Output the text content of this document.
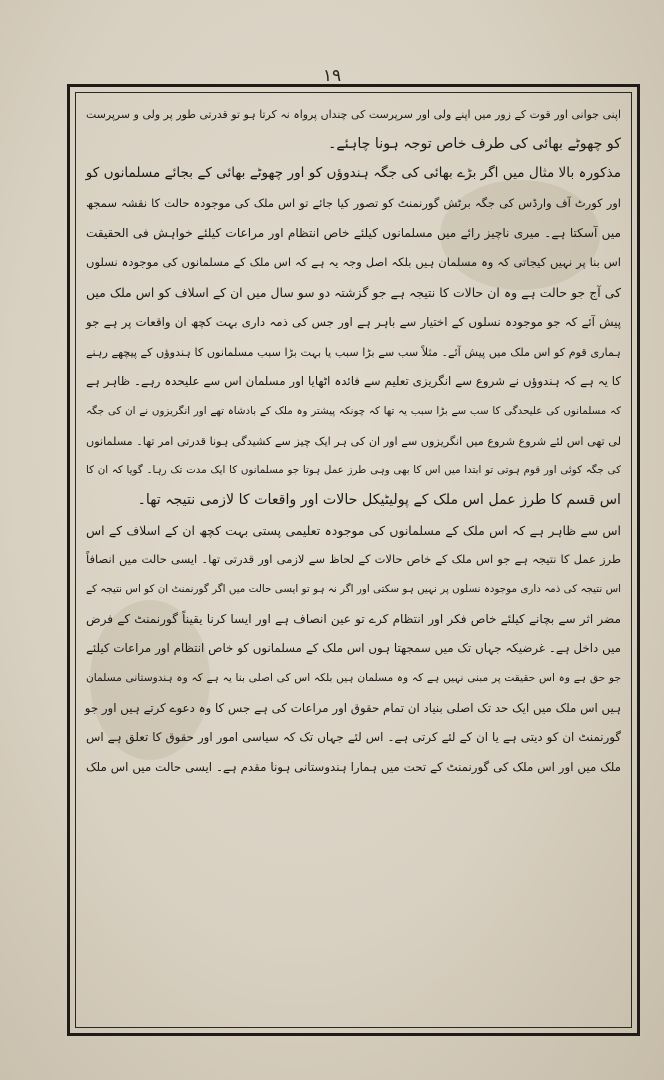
۱۹
اپنی جوانی اور قوت کے زور میں اپنے ولی اور سرپرست کی چنداں پرواہ نہ کرتا ہو تو قدرتی طور پر ولی و سرپرست
کو چھوٹے بھائی کی طرف خاص توجہ ہونا چاہئے۔
مذکورہ بالا مثال میں اگر بڑے بھائی کی جگہ ہندوؤں کو اور چھوٹے بھائی کے بجائے مسلمانوں کو
اور کورٹ آف وارڈس کی جگہ برٹش گورنمنٹ کو تصور کیا جائے تو اس ملک کی موجودہ حالت کا نقشہ سمجھ
میں آسکتا ہے۔ میری ناچیز رائے میں مسلمانوں کیلئے خاص انتظام اور مراعات کیلئے خواہش فی الحقیقت
اس بنا پر نہیں کیجاتی کہ وہ مسلمان ہیں بلکہ اصل وجہ یہ ہے کہ اس ملک کے مسلمانوں کی موجودہ نسلوں
کی آج جو حالت ہے وہ ان حالات کا نتیجہ ہے جو گزشتہ دو سو سال میں ان کے اسلاف کو اس ملک میں
پیش آئے کہ جو موجودہ نسلوں کے اختیار سے باہر ہے اور جس کی ذمہ داری بہت کچھ ان واقعات پر ہے جو
ہماری قوم کو اس ملک میں پیش آئے۔ مثلاً سب سے بڑا سبب یا بہت بڑا سبب مسلمانوں کا ہندوؤں کے پیچھے رہنے
کا یہ ہے کہ ہندوؤں نے شروع سے انگریزی تعلیم سے فائدہ اٹھایا اور مسلمان اس سے علیحدہ رہے۔ ظاہر ہے
کہ مسلمانوں کی علیحدگی کا سب سے بڑا سبب یہ تھا کہ چونکہ پیشتر وہ ملک کے بادشاہ تھے اور انگریزوں نے ان کی جگہ
لی تھی اس لئے شروع شروع میں انگریزوں سے اور ان کی ہر ایک چیز سے کشیدگی ہونا قدرتی امر تھا۔ مسلمانوں
کی جگہ کوئی اور قوم ہوتی تو ابتدا میں اس کا بھی وہی طرز عمل ہوتا جو مسلمانوں کا ایک مدت تک رہا۔ گویا کہ ان کا
اس قسم کا طرز عمل اس ملک کے پولیٹیکل حالات اور واقعات کا لازمی نتیجہ تھا۔
اس سے ظاہر ہے کہ اس ملک کے مسلمانوں کی موجودہ تعلیمی پستی بہت کچھ ان کے اسلاف کے اس
طرز عمل کا نتیجہ ہے جو اس ملک کے خاص حالات کے لحاظ سے لازمی اور قدرتی تھا۔ ایسی حالت میں انصافاً
اس نتیجہ کی ذمہ داری موجودہ نسلوں پر نہیں ہو سکتی اور اگر نہ ہو تو ایسی حالت میں اگر گورنمنٹ ان کو اس نتیجہ کے
مضر اثر سے بچانے کیلئے خاص فکر اور انتظام کرے تو عین انصاف ہے اور ایسا کرنا یقیناً گورنمنٹ کے فرض
میں داخل ہے۔ غرضیکہ جہاں تک میں سمجھتا ہوں اس ملک کے مسلمانوں کو خاص انتظام اور مراعات کیلئے
جو حق ہے وہ اس حقیقت پر مبنی نہیں ہے کہ وہ مسلمان ہیں بلکہ اس کی اصلی بنا یہ ہے کہ وہ ہندوستانی مسلمان
ہیں اس ملک میں ایک حد تک اصلی بنیاد ان تمام حقوق اور مراعات کی ہے جس کا وہ دعوے کرتے ہیں اور جو
گورنمنٹ ان کو دیتی ہے یا ان کے لئے کرتی ہے۔ اس لئے جہاں تک کہ سیاسی امور اور حقوق کا تعلق ہے اس
ملک میں اور اس ملک کی گورنمنٹ کے تحت میں ہمارا ہندوستانی ہونا مقدم ہے۔ ایسی حالت میں اس ملک
